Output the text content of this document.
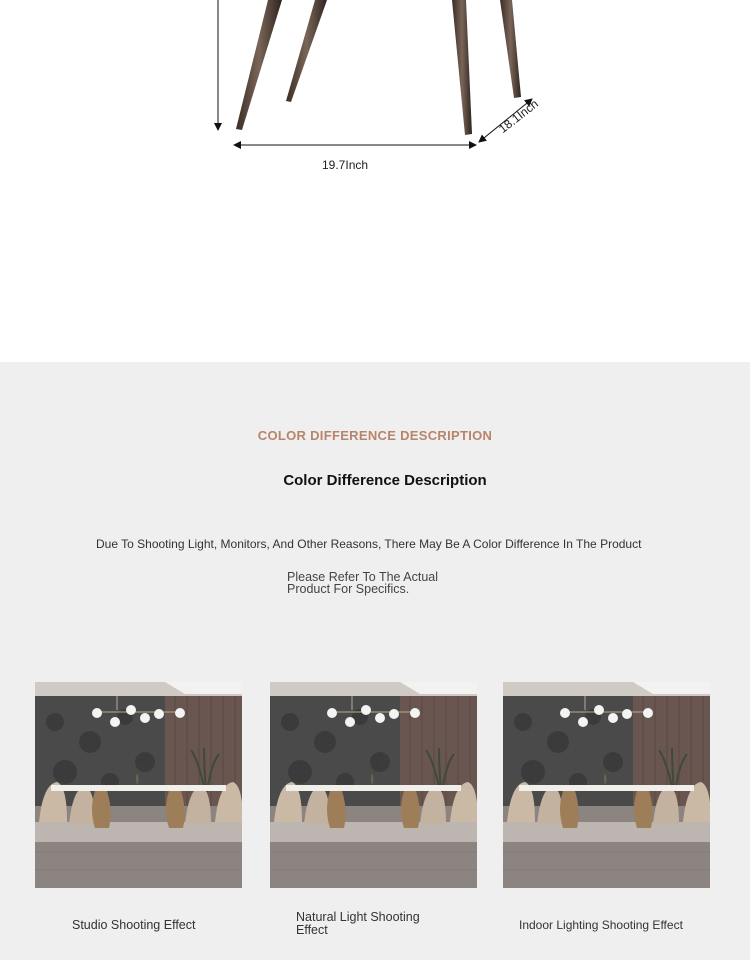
19.7Inch
18.1Inch
COLOR DIFFERENCE DESCRIPTION
Color Difference Description
Due To Shooting Light, Monitors, And Other Reasons, There May Be A Color Difference In The Product
Please Refer To The Actual Product For Specifics.
Studio Shooting Effect
Natural Light Shooting Effect	Indoor Lighting Shooting Effect
